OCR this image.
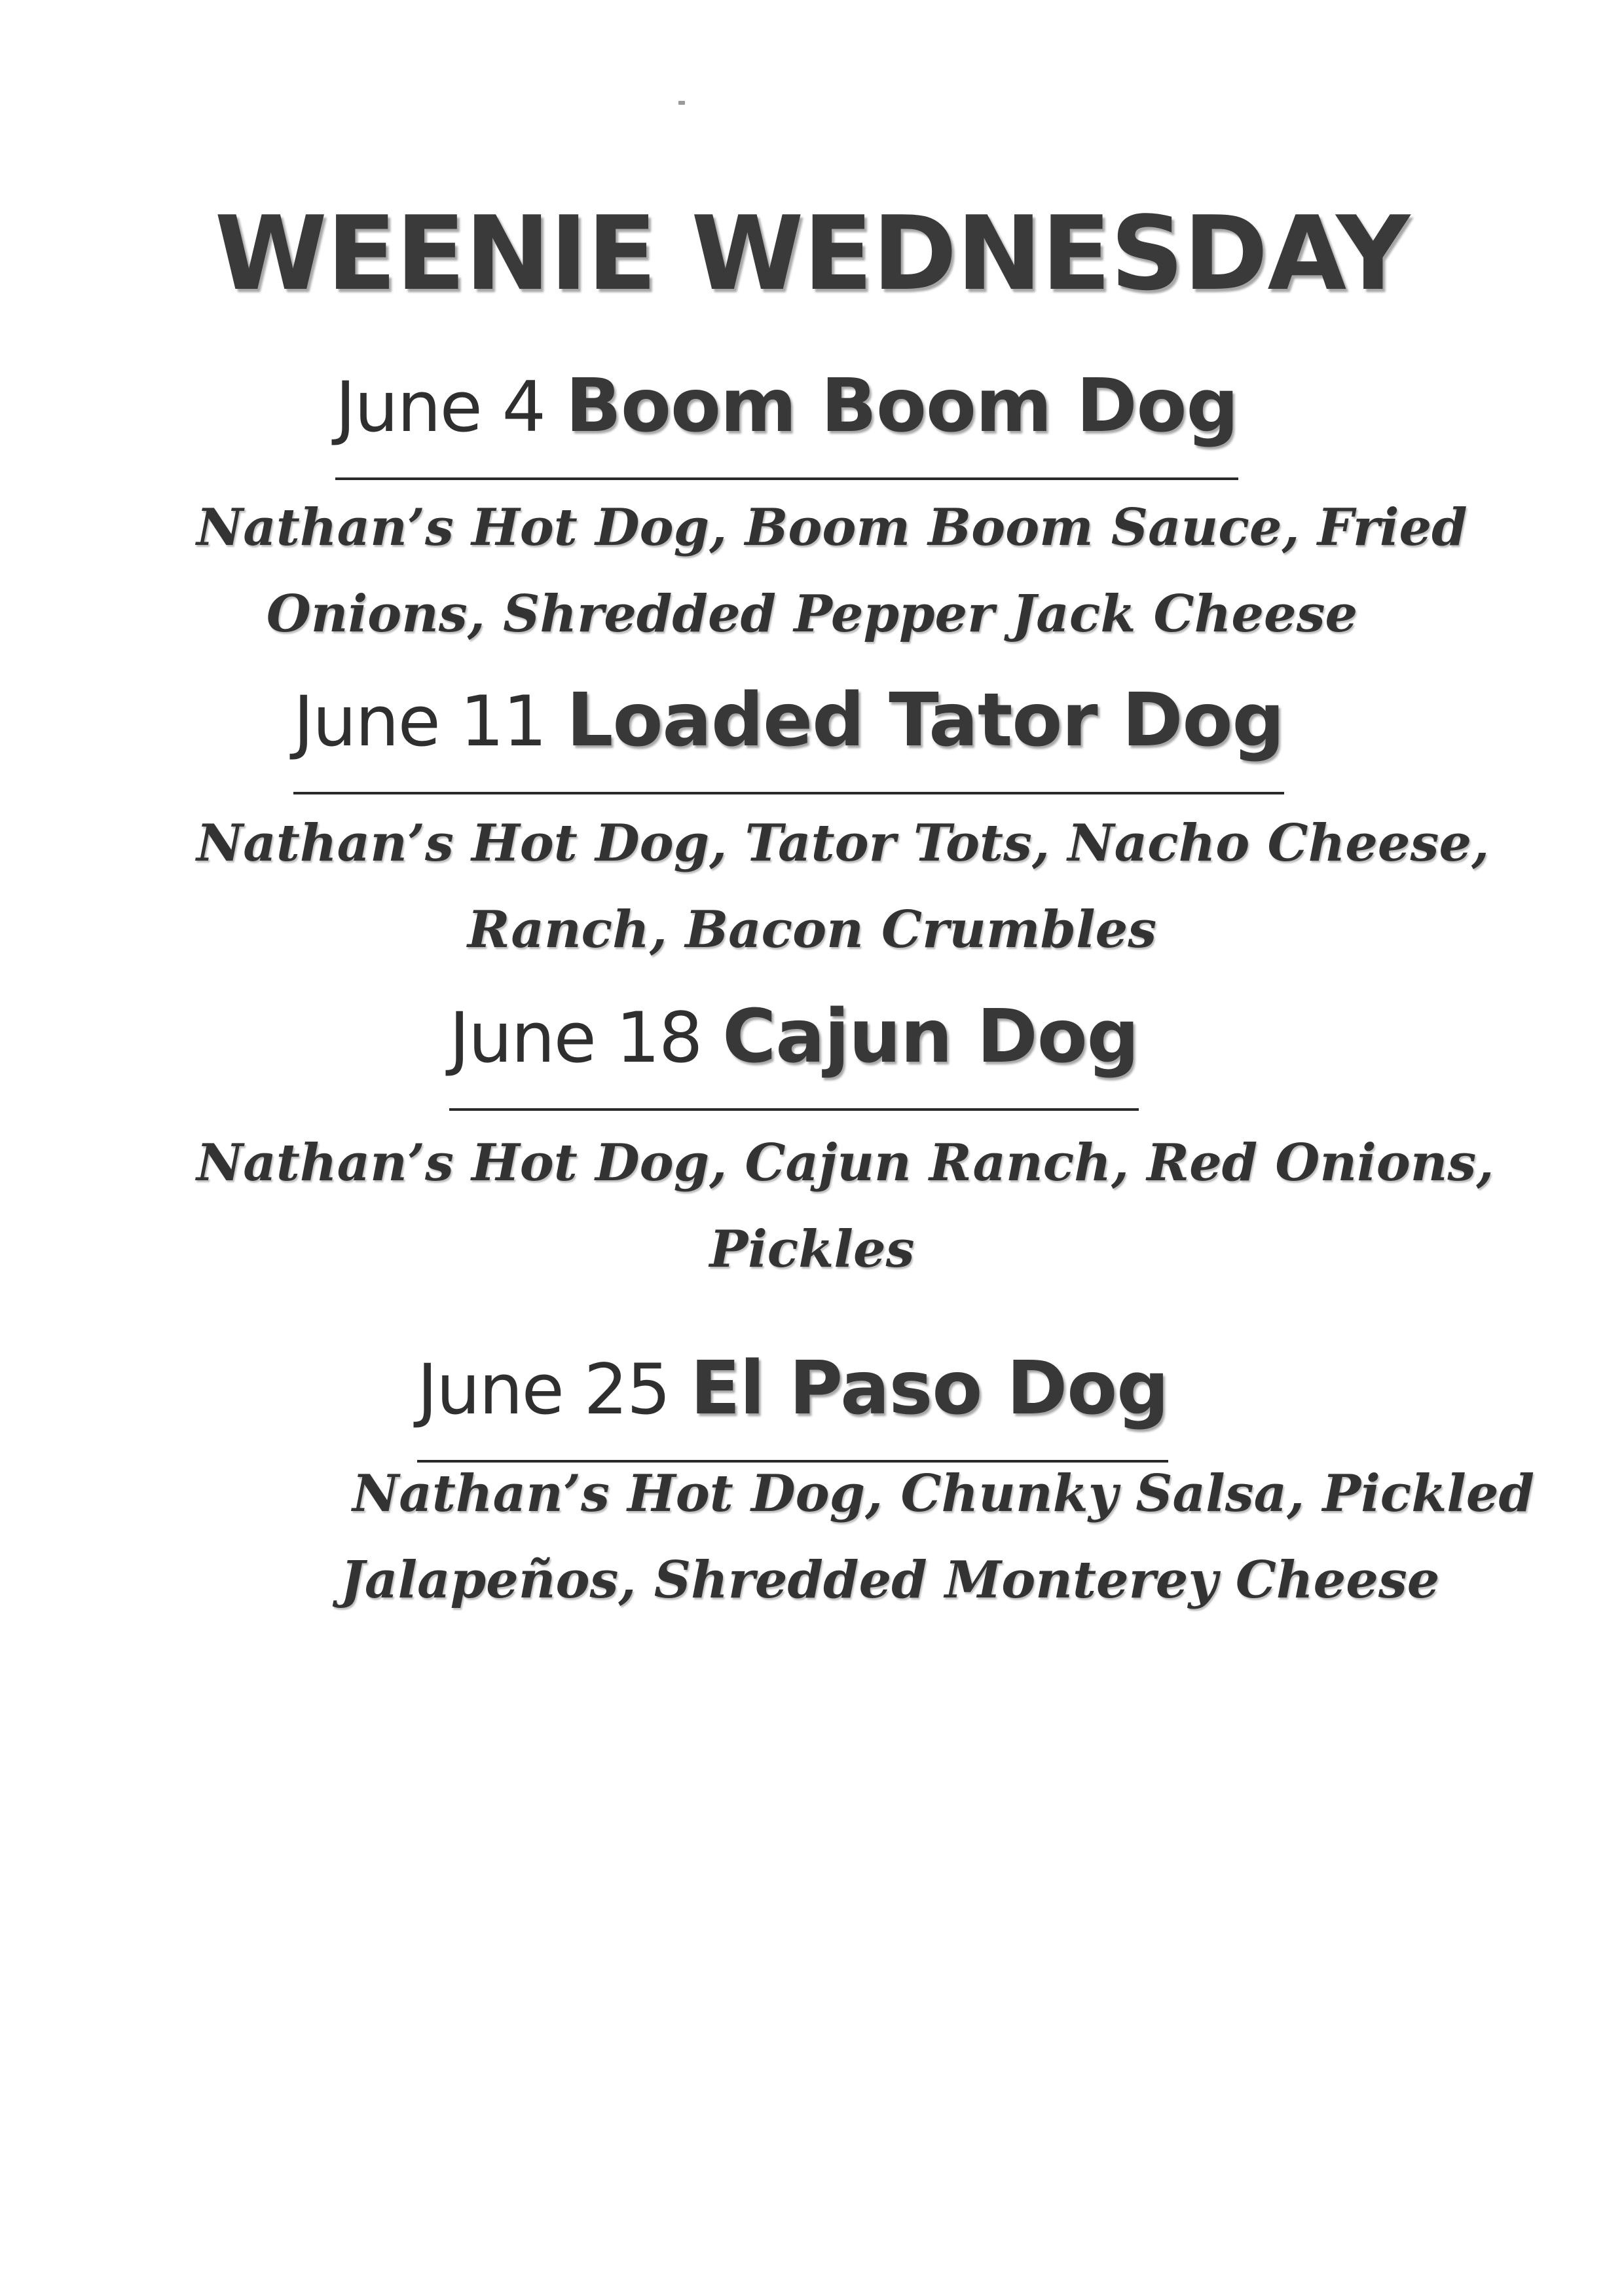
WEENIE WEDNESDAY
June 4 Boom Boom Dog
Nathan’s Hot Dog, Boom Boom Sauce, Fried
Onions, Shredded Pepper Jack Cheese
June 11 Loaded Tator Dog
Nathan’s Hot Dog, Tator Tots, Nacho Cheese,
Ranch, Bacon Crumbles
June 18 Cajun Dog
Nathan’s Hot Dog, Cajun Ranch, Red Onions,
Pickles
June 25 El Paso Dog
Nathan’s Hot Dog, Chunky Salsa, Pickled
Jalapeños, Shredded Monterey Cheese
